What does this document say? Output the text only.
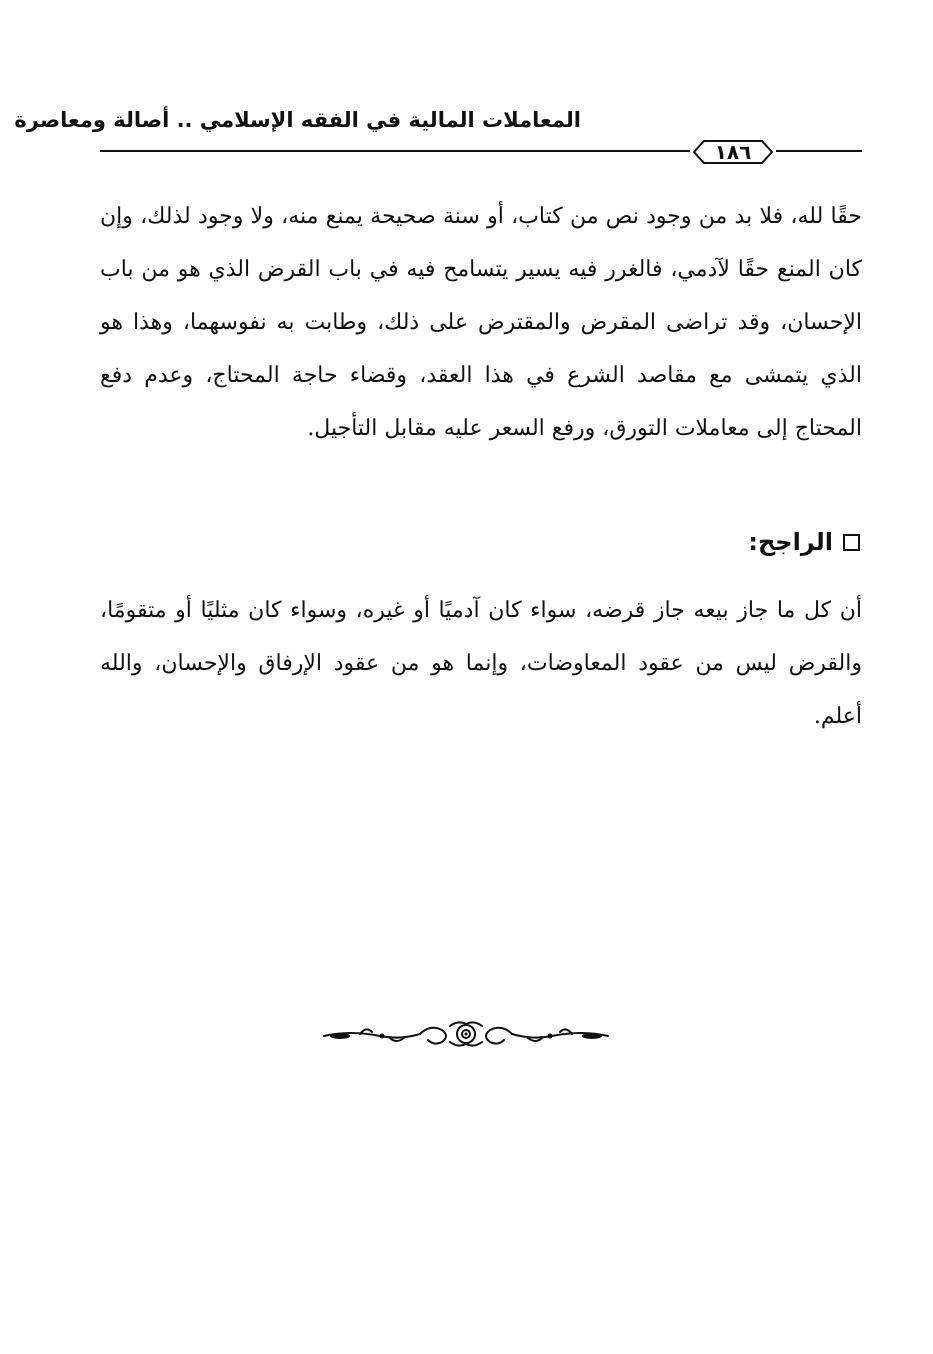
المعاملات المالية في الفقه الإسلامي .. أصالة ومعاصرة
١٨٦
حقًا لله، فلا بد من وجود نص من كتاب، أو سنة صحيحة يمنع منه، ولا وجود لذلك، وإن كان المنع حقًا لآدمي، فالغرر فيه يسير يتسامح فيه في باب القرض الذي هو من باب الإحسان، وقد تراضى المقرض والمقترض على ذلك، وطابت به نفوسهما، وهذا هو الذي يتمشى مع مقاصد الشرع في هذا العقد، وقضاء حاجة المحتاج، وعدم دفع المحتاج إلى معاملات التورق، ورفع السعر عليه مقابل التأجيل.
الراجح:
أن كل ما جاز بيعه جاز قرضه، سواء كان آدميًا أو غيره، وسواء كان مثليًا أو متقومًا، والقرض ليس من عقود المعاوضات، وإنما هو من عقود الإرفاق والإحسان، والله أعلم.
